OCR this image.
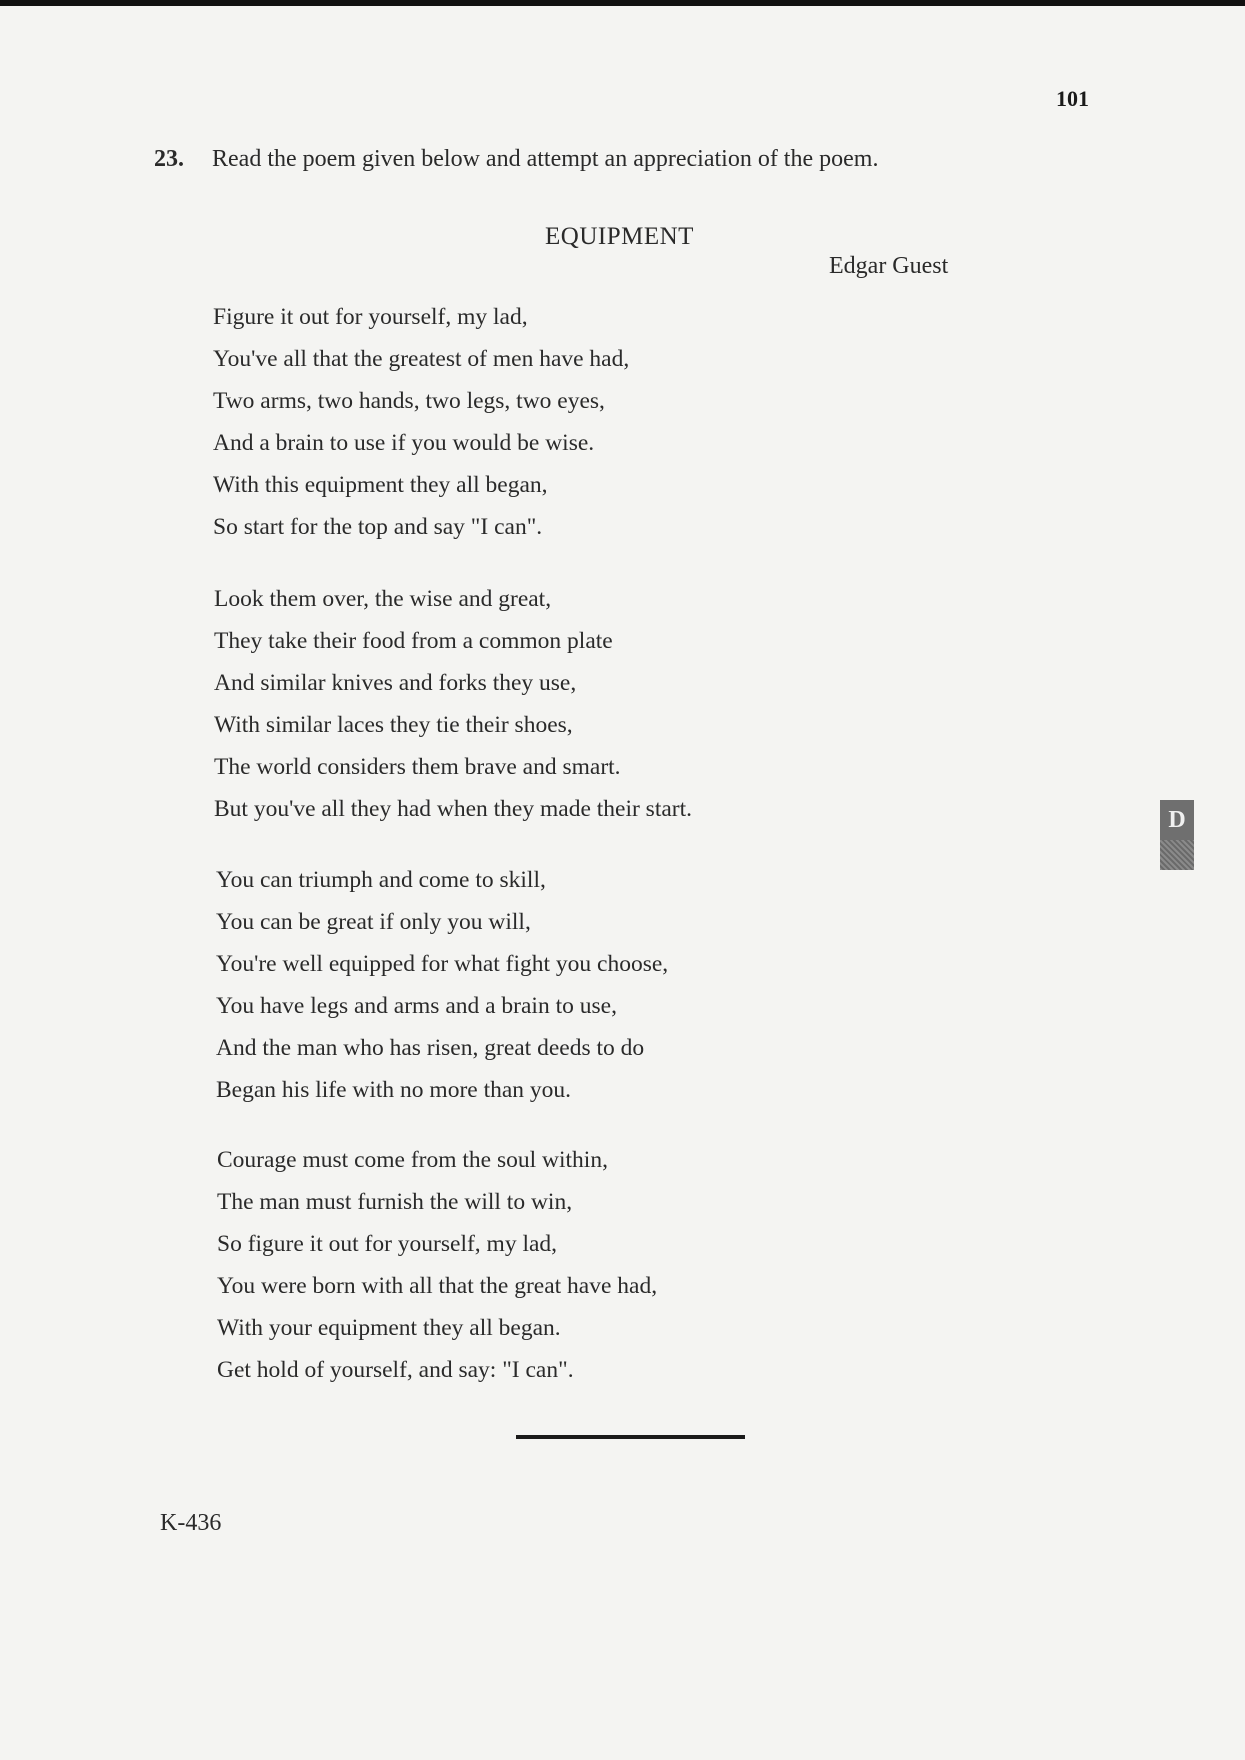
101
23. Read the poem given below and attempt an appreciation of the poem.
EQUIPMENT
Edgar Guest
Figure it out for yourself, my lad,
You've all that the greatest of men have had,
Two arms, two hands, two legs, two eyes,
And a brain to use if you would be wise.
With this equipment they all began,
So start for the top and say "I can".
Look them over, the wise and great,
They take their food from a common plate
And similar knives and forks they use,
With similar laces they tie their shoes,
The world considers them brave and smart.
But you've all they had when they made their start.
You can triumph and come to skill,
You can be great if only you will,
You're well equipped for what fight you choose,
You have legs and arms and a brain to use,
And the man who has risen, great deeds to do
Began his life with no more than you.
Courage must come from the soul within,
The man must furnish the will to win,
So figure it out for yourself, my lad,
You were born with all that the great have had,
With your equipment they all began.
Get hold of yourself, and say: "I can".
K-436
D
